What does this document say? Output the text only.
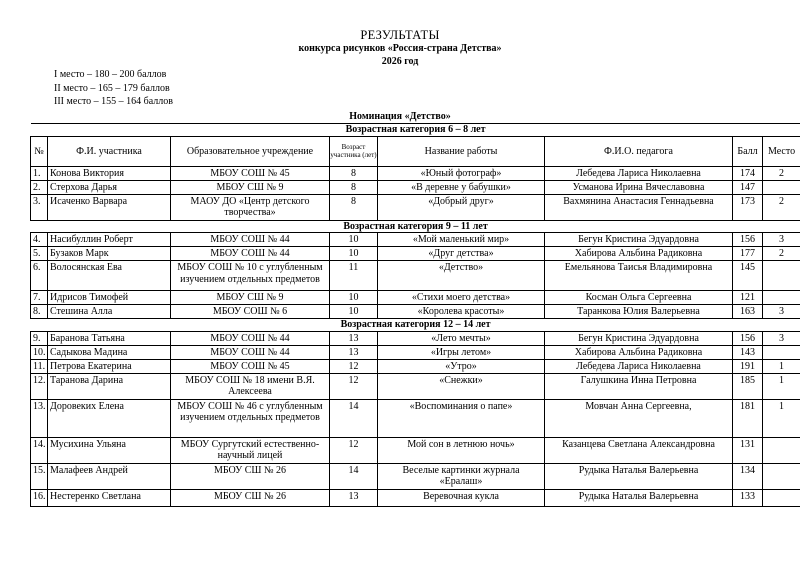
РЕЗУЛЬТАТЫ
конкурса рисунков «Россия-страна Детства»
2026 год
I место – 180 – 200 баллов
II место – 165 – 179 баллов
III место – 155 – 164 баллов
Номинация «Детство»
Возрастная категория 6 – 8 лет							
№	Ф.И. участника	Образовательное учреждение	Возраст участника (лет)	Название работы	Ф.И.О. педагога	Балл	Место
1.	Конова Виктория	МБОУ СОШ № 45	8	«Юный фотограф»	Лебедева Лариса Николаевна	174	2
2.	Стерхова Дарья	МБОУ СШ № 9	8	«В деревне у бабушки»	Усманова Ирина Вячеславовна	147	
3.	Исаченко Варвара	МАОУ ДО «Центр детского творчества»	8	«Добрый друг»	Вахмянина Анастасия Геннадьевна	173	2
Возрастная категория 9 – 11 лет							
4.	Насибуллин Роберт	МБОУ СОШ № 44	10	«Мой маленький мир»	Бегун Кристина Эдуардовна	156	3
5.	Бузаков Марк	МБОУ СОШ № 44	10	«Друг детства»	Хабирова Альбина Радиковна	177	2
6.	Волосянская Ева	МБОУ СОШ № 10 с углубленным изучением отдельных предметов	11	«Детство»	Емельянова Таисья Владимировна	145	
7.	Идрисов Тимофей	МБОУ СШ № 9	10	«Стихи моего детства»	Косман Ольга Сергеевна	121	
8.	Стешина Алла	МБОУ СОШ № 6	10	«Королева красоты»	Таранкова Юлия Валерьевна	163	3
Возрастная категория 12 – 14 лет							
9.	Баранова Татьяна	МБОУ СОШ № 44	13	«Лето мечты»	Бегун Кристина Эдуардовна	156	3
10.	Садыкова Мадина	МБОУ СОШ № 44	13	«Игры летом»	Хабирова Альбина Радиковна	143	
11.	Петрова Екатерина	МБОУ СОШ № 45	12	«Утро»	Лебедева Лариса Николаевна	191	1
12.	Таранова Дарина	МБОУ СОШ № 18 имени В.Я. Алексеева	12	«Снежки»	Галушкина Инна Петровна	185	1
13.	Доровеких Елена	МБОУ СОШ № 46 с углубленным изучением отдельных предметов	14	«Воспоминания о папе»	Мовчан Анна Сергеевна,	181	1
14.	Мусихина Ульяна	МБОУ Сургутский естественно-научный лицей	12	Мой сон в летнюю ночь»	Казанцева Светлана Александровна	131	
15.	Малафеев Андрей	МБОУ СШ № 26	14	Веселые картинки журнала «Ералаш»	Рудыка Наталья Валерьевна	134	
16.	Нестеренко Светлана	МБОУ СШ № 26	13	Веревочная кукла	Рудыка Наталья Валерьевна	133	
